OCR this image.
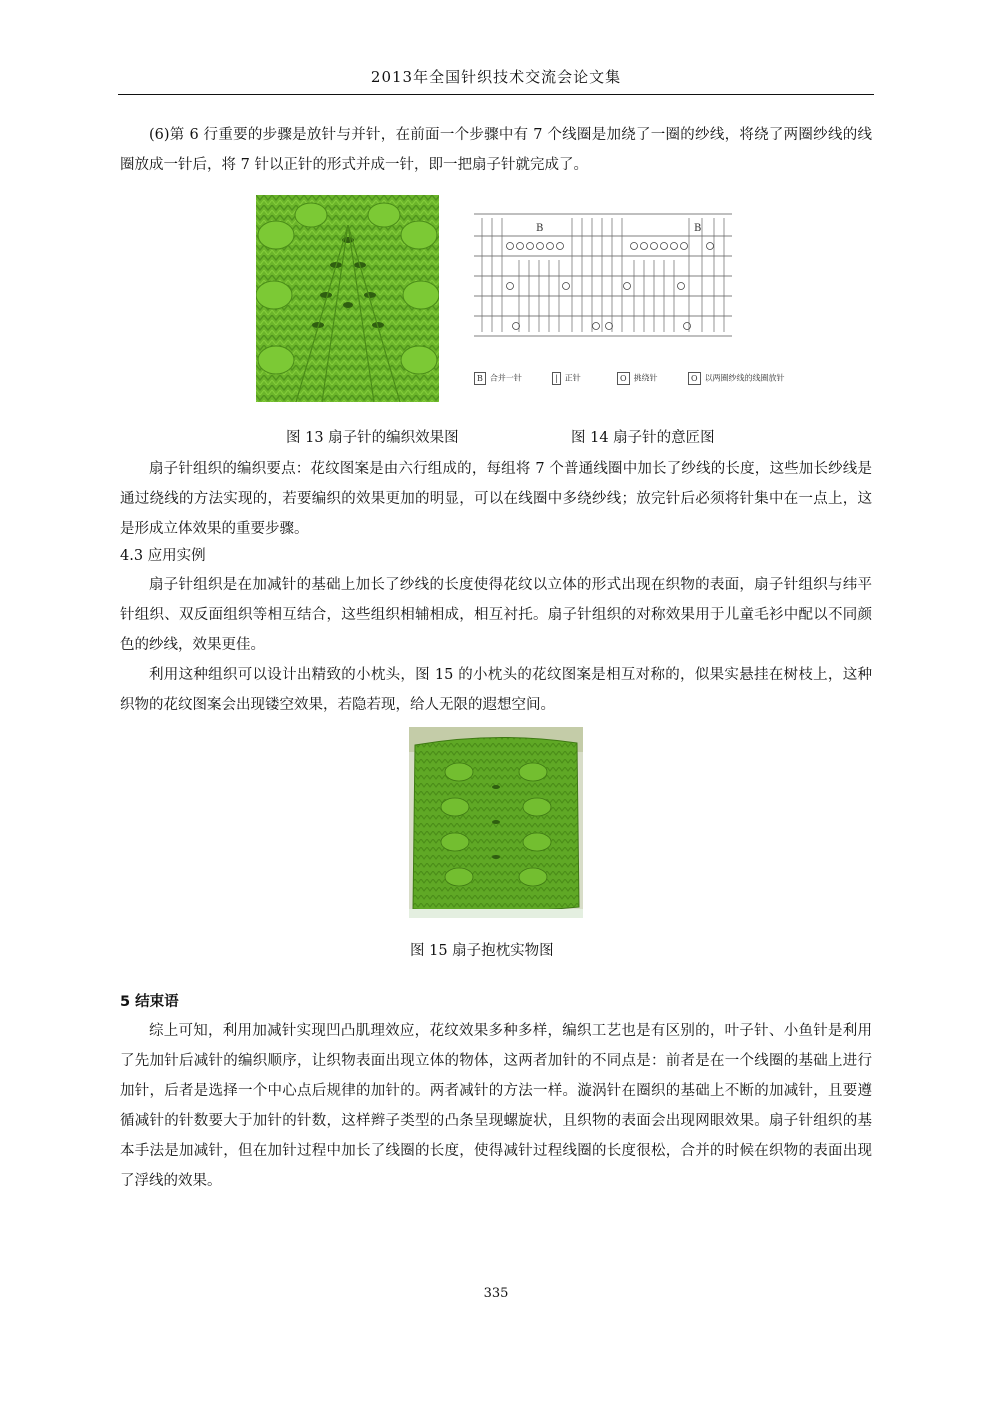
2013年全国针织技术交流会论文集

(6)第 6 行重要的步骤是放针与并针，在前面一个步骤中有 7 个线圈是加绕了一圈的纱线，将绕了两圈纱线的线圈放成一针后，将 7 针以正针的形式并成一针，即一把扇子针就完成了。

B	B
B 合并一针	| 正针	O 挑绕针	O 以两圈纱线的线圈放针
图 13 扇子针的编织效果图	图 14 扇子针的意匠图

扇子针组织的编织要点：花纹图案是由六行组成的，每组将 7 个普通线圈中加长了纱线的长度，这些加长纱线是通过绕线的方法实现的，若要编织的效果更加的明显，可以在线圈中多绕纱线；放完针后必须将针集中在一点上，这是形成立体效果的重要步骤。

4.3 应用实例

扇子针组织是在加减针的基础上加长了纱线的长度使得花纹以立体的形式出现在织物的表面，扇子针组织与纬平针组织、双反面组织等相互结合，这些组织相辅相成，相互衬托。扇子针组织的对称效果用于儿童毛衫中配以不同颜色的纱线，效果更佳。

利用这种组织可以设计出精致的小枕头，图 15 的小枕头的花纹图案是相互对称的，似果实悬挂在树枝上，这种织物的花纹图案会出现镂空效果，若隐若现，给人无限的遐想空间。

图 15 扇子抱枕实物图

5 结束语

综上可知，利用加减针实现凹凸肌理效应，花纹效果多种多样，编织工艺也是有区别的，叶子针、小鱼针是利用了先加针后减针的编织顺序，让织物表面出现立体的物体，这两者加针的不同点是：前者是在一个线圈的基础上进行加针，后者是选择一个中心点后规律的加针的。两者减针的方法一样。漩涡针在圈织的基础上不断的加减针，且要遵循减针的针数要大于加针的针数，这样辫子类型的凸条呈现螺旋状，且织物的表面会出现网眼效果。扇子针组织的基本手法是加减针，但在加针过程中加长了线圈的长度，使得减针过程线圈的长度很松，合并的时候在织物的表面出现了浮线的效果。

335
